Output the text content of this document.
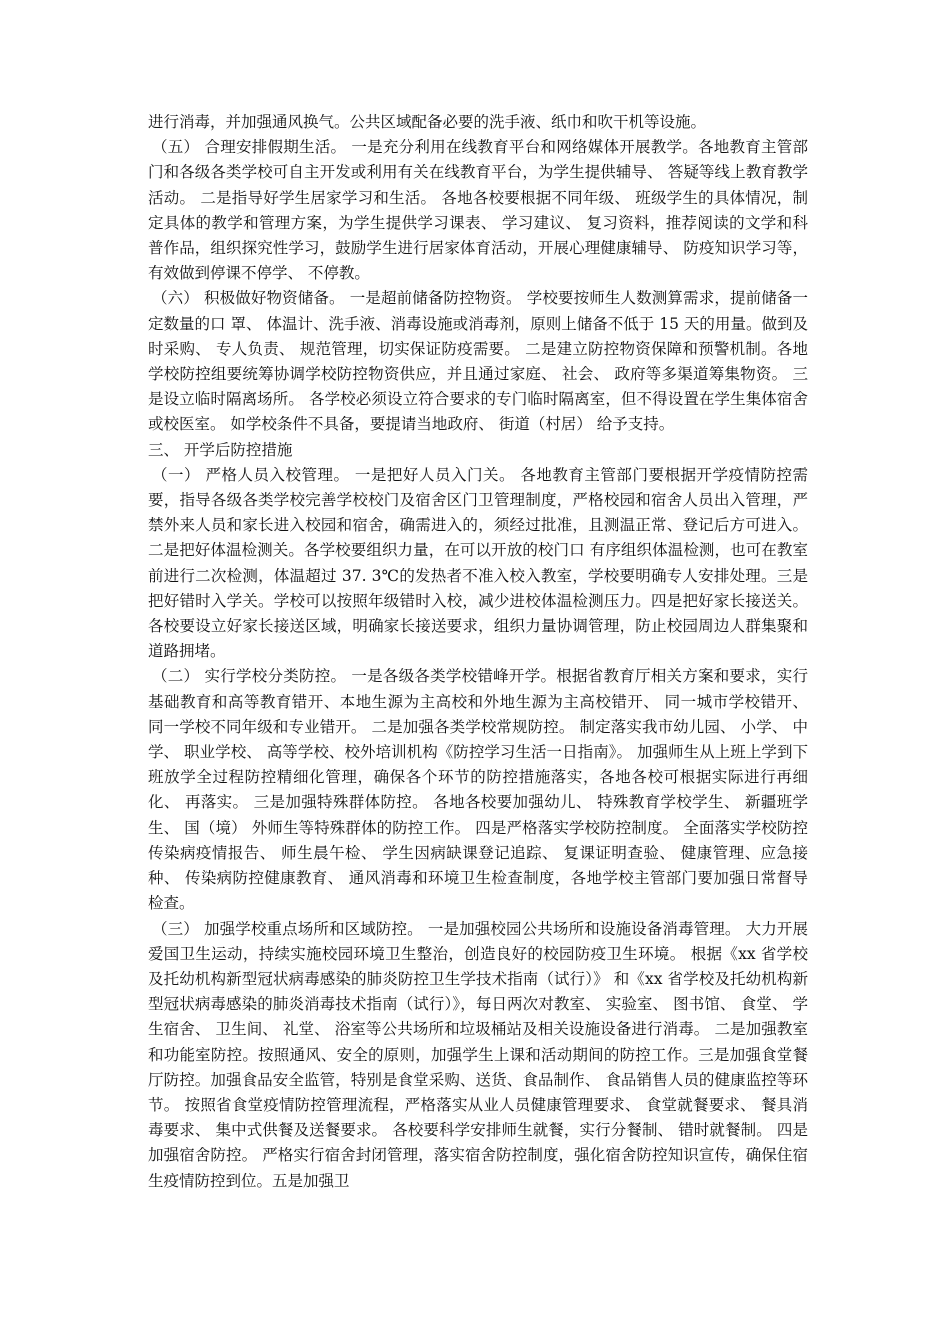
进行消毒，并加强通风换气。公共区域配备必要的洗手液、纸巾和吹干机等设施。

（五） 合理安排假期生活。 一是充分利用在线教育平台和网络媒体开展教学。各地教育主管部门和各级各类学校可自主开发或利用有关在线教育平台，为学生提供辅导、 答疑等线上教育教学活动。 二是指导好学生居家学习和生活。 各地各校要根据不同年级、 班级学生的具体情况，制定具体的教学和管理方案，为学生提供学习课表、 学习建议、 复习资料，推荐阅读的文学和科普作品，组织探究性学习，鼓励学生进行居家体育活动，开展心理健康辅导、 防疫知识学习等，有效做到停课不停学、 不停教。

（六） 积极做好物资储备。 一是超前储备防控物资。 学校要按师生人数测算需求，提前储备一定数量的口 罩、 体温计、洗手液、消毒设施或消毒剂，原则上储备不低于 15 天的用量。做到及时采购、 专人负责、 规范管理，切实保证防疫需要。 二是建立防控物资保障和预警机制。各地学校防控组要统筹协调学校防控物资供应，并且通过家庭、 社会、 政府等多渠道筹集物资。 三是设立临时隔离场所。 各学校必须设立符合要求的专门临时隔离室，但不得设置在学生集体宿舍或校医室。 如学校条件不具备，要提请当地政府、 街道（村居） 给予支持。

三、 开学后防控措施

（一） 严格人员入校管理。 一是把好人员入门关。 各地教育主管部门要根据开学疫情防控需要，指导各级各类学校完善学校校门及宿舍区门卫管理制度，严格校园和宿舍人员出入管理，严禁外来人员和家长进入校园和宿舍，确需进入的，须经过批准，且测温正常、登记后方可进入。二是把好体温检测关。各学校要组织力量，在可以开放的校门口 有序组织体温检测，也可在教室前进行二次检测，体温超过 37. 3℃的发热者不准入校入教室，学校要明确专人安排处理。三是把好错时入学关。学校可以按照年级错时入校，减少进校体温检测压力。四是把好家长接送关。各校要设立好家长接送区域，明确家长接送要求，组织力量协调管理，防止校园周边人群集聚和道路拥堵。

（二） 实行学校分类防控。 一是各级各类学校错峰开学。根据省教育厅相关方案和要求，实行基础教育和高等教育错开、本地生源为主高校和外地生源为主高校错开、 同一城市学校错开、 同一学校不同年级和专业错开。 二是加强各类学校常规防控。 制定落实我市幼儿园、 小学、 中学、 职业学校、 高等学校、校外培训机构《防控学习生活一日指南》。 加强师生从上班上学到下班放学全过程防控精细化管理，确保各个环节的防控措施落实，各地各校可根据实际进行再细化、 再落实。 三是加强特殊群体防控。 各地各校要加强幼儿、 特殊教育学校学生、 新疆班学生、 国（境） 外师生等特殊群体的防控工作。 四是严格落实学校防控制度。 全面落实学校防控传染病疫情报告、 师生晨午检、 学生因病缺课登记追踪、 复课证明查验、 健康管理、应急接种、 传染病防控健康教育、 通风消毒和环境卫生检查制度，各地学校主管部门要加强日常督导检查。

（三） 加强学校重点场所和区域防控。 一是加强校园公共场所和设施设备消毒管理。 大力开展爱国卫生运动，持续实施校园环境卫生整治，创造良好的校园防疫卫生环境。 根据《xx 省学校及托幼机构新型冠状病毒感染的肺炎防控卫生学技术指南（试行）》 和《xx 省学校及托幼机构新型冠状病毒感染的肺炎消毒技术指南（试行）》，每日两次对教室、 实验室、 图书馆、 食堂、 学生宿舍、 卫生间、 礼堂、 浴室等公共场所和垃圾桶站及相关设施设备进行消毒。 二是加强教室和功能室防控。按照通风、安全的原则，加强学生上课和活动期间的防控工作。三是加强食堂餐厅防控。加强食品安全监管，特别是食堂采购、送货、食品制作、 食品销售人员的健康监控等环节。 按照省食堂疫情防控管理流程，严格落实从业人员健康管理要求、 食堂就餐要求、 餐具消毒要求、 集中式供餐及送餐要求。 各校要科学安排师生就餐，实行分餐制、 错时就餐制。 四是加强宿舍防控。 严格实行宿舍封闭管理，落实宿舍防控制度，强化宿舍防控知识宣传，确保住宿生疫情防控到位。五是加强卫
